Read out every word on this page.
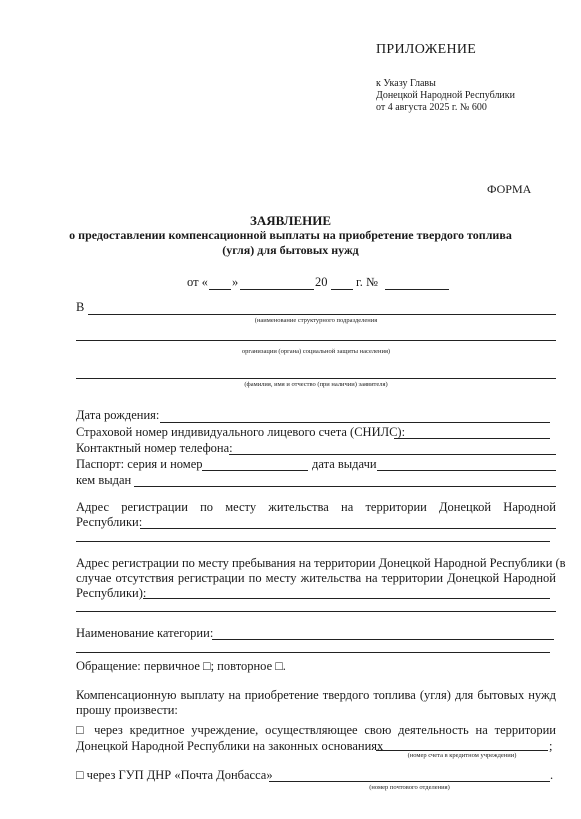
ПРИЛОЖЕНИЕ
к Указу Главы
Донецкой Народной Республики
от 4 августа 2025 г. № 600
ФОРМА
ЗАЯВЛЕНИЕ
о предоставлении компенсационной выплаты на приобретение твердого топлива
(угля) для бытовых нужд
от « »	20 г. №
В
(наименование структурного подразделения
организации (органа) социальной защиты населения)
(фамилия, имя и отчество (при наличии) заявителя)
Дата рождения:
Страховой номер индивидуального лицевого счета (СНИЛС):
Контактный номер телефона:
Паспорт: серия и номер	дата выдачи
кем выдан
Адрес регистрации по месту жительства на территории Донецкой Народной
Республики:
Адрес регистрации по месту пребывания на территории Донецкой Народной Республики (в
случае отсутствия регистрации по месту жительства на территории Донецкой Народной
Республики):
Наименование категории:
Обращение: первичное □; повторное □.
Компенсационную выплату на приобретение твердого топлива (угля) для бытовых нужд
прошу произвести:
□ через кредитное учреждение, осуществляющее свою деятельность на территории
Донецкой Народной Республики на законных основаниях	;
(номер счета в кредитном учреждении)
□ через ГУП ДНР «Почта Донбасса»	.
(номер почтового отделения)
